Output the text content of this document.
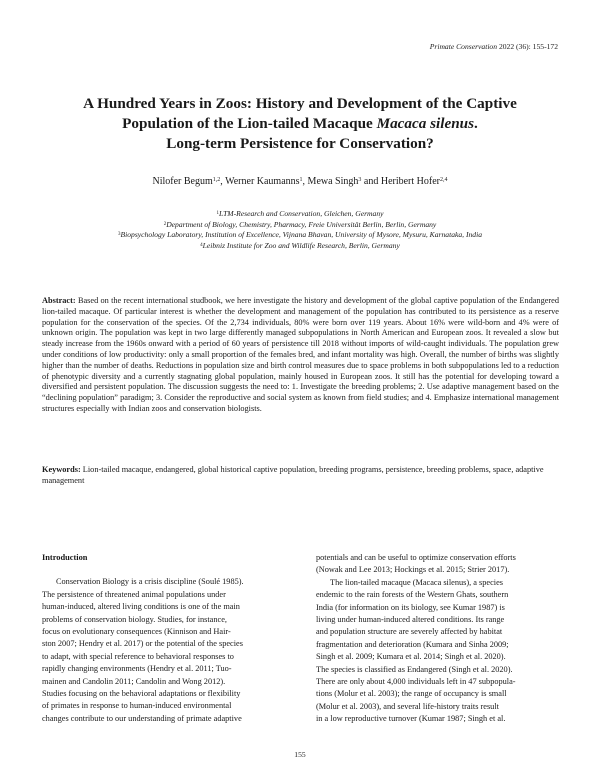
Primate Conservation 2022 (36): 155-172
A Hundred Years in Zoos: History and Development of the Captive
Population of the Lion-tailed Macaque Macaca silenus.
Long-term Persistence for Conservation?
Nilofer Begum$^{1,2}$, Werner Kaumanns$^1$, Mewa Singh$^3$ and Heribert Hofer$^{2,4}$
$^1$LTM-Research and Conservation, Gleichen, Germany
$^2$Department of Biology, Chemistry, Pharmacy, Freie Universität Berlin, Berlin, Germany
$^3$Biopsychology Laboratory, Institution of Excellence, Vijnana Bhavan, University of Mysore, Mysuru, Karnataka, India
$^4$Leibniz Institute for Zoo and Wildlife Research, Berlin, Germany
Abstract: Based on the recent international studbook, we here investigate the history and development of the global captive population of the Endangered lion-tailed macaque. Of particular interest is whether the development and management of the population has contributed to its persistence as a reserve population for the conservation of the species. Of the 2,734 individuals, 80% were born over 119 years. About 16% were wild-born and 4% were of unknown origin. The population was kept in two large differently managed subpopulations in North American and European zoos. It revealed a slow but steady increase from the 1960s onward with a period of 60 years of persistence till 2018 without imports of wild-caught individuals. The population grew under conditions of low productivity: only a small proportion of the females bred, and infant mortality was high. Overall, the number of births was slightly higher than the number of deaths. Reductions in population size and birth control measures due to space problems in both subpopulations led to a reduction of phenotypic diversity and a currently stagnating global population, mainly housed in European zoos. It still has the potential for developing toward a diversified and persistent population. The discussion suggests the need to: 1. Investigate the breeding problems; 2. Use adaptive management based on the “declining population” paradigm; 3. Consider the reproductive and social system as known from field studies; and 4. Emphasize international management structures especially with Indian zoos and conservation biologists.
Keywords: Lion-tailed macaque, endangered, global historical captive population, breeding programs, persistence, breeding problems, space, adaptive management
Introduction
Conservation Biology is a crisis discipline (Soulé 1985).
The persistence of threatened animal populations under
human-induced, altered living conditions is one of the main
problems of conservation biology. Studies, for instance,
focus on evolutionary consequences (Kinnison and Hair-
ston 2007; Hendry et al. 2017) or the potential of the species
to adapt, with special reference to behavioral responses to
rapidly changing environments (Hendry et al. 2011; Tuo-
mainen and Candolin 2011; Candolin and Wong 2012).
Studies focusing on the behavioral adaptations or flexibility
of primates in response to human-induced environmental
changes contribute to our understanding of primate adaptive
potentials and can be useful to optimize conservation efforts
(Nowak and Lee 2013; Hockings et al. 2015; Strier 2017).
The lion-tailed macaque (Macaca silenus), a species
endemic to the rain forests of the Western Ghats, southern
India (for information on its biology, see Kumar 1987) is
living under human-induced altered conditions. Its range
and population structure are severely affected by habitat
fragmentation and deterioration (Kumara and Sinha 2009;
Singh et al. 2009; Kumara et al. 2014; Singh et al. 2020).
The species is classified as Endangered (Singh et al. 2020).
There are only about 4,000 individuals left in 47 subpopula-
tions (Molur et al. 2003); the range of occupancy is small
(Molur et al. 2003), and several life-history traits result
in a low reproductive turnover (Kumar 1987; Singh et al.
155
